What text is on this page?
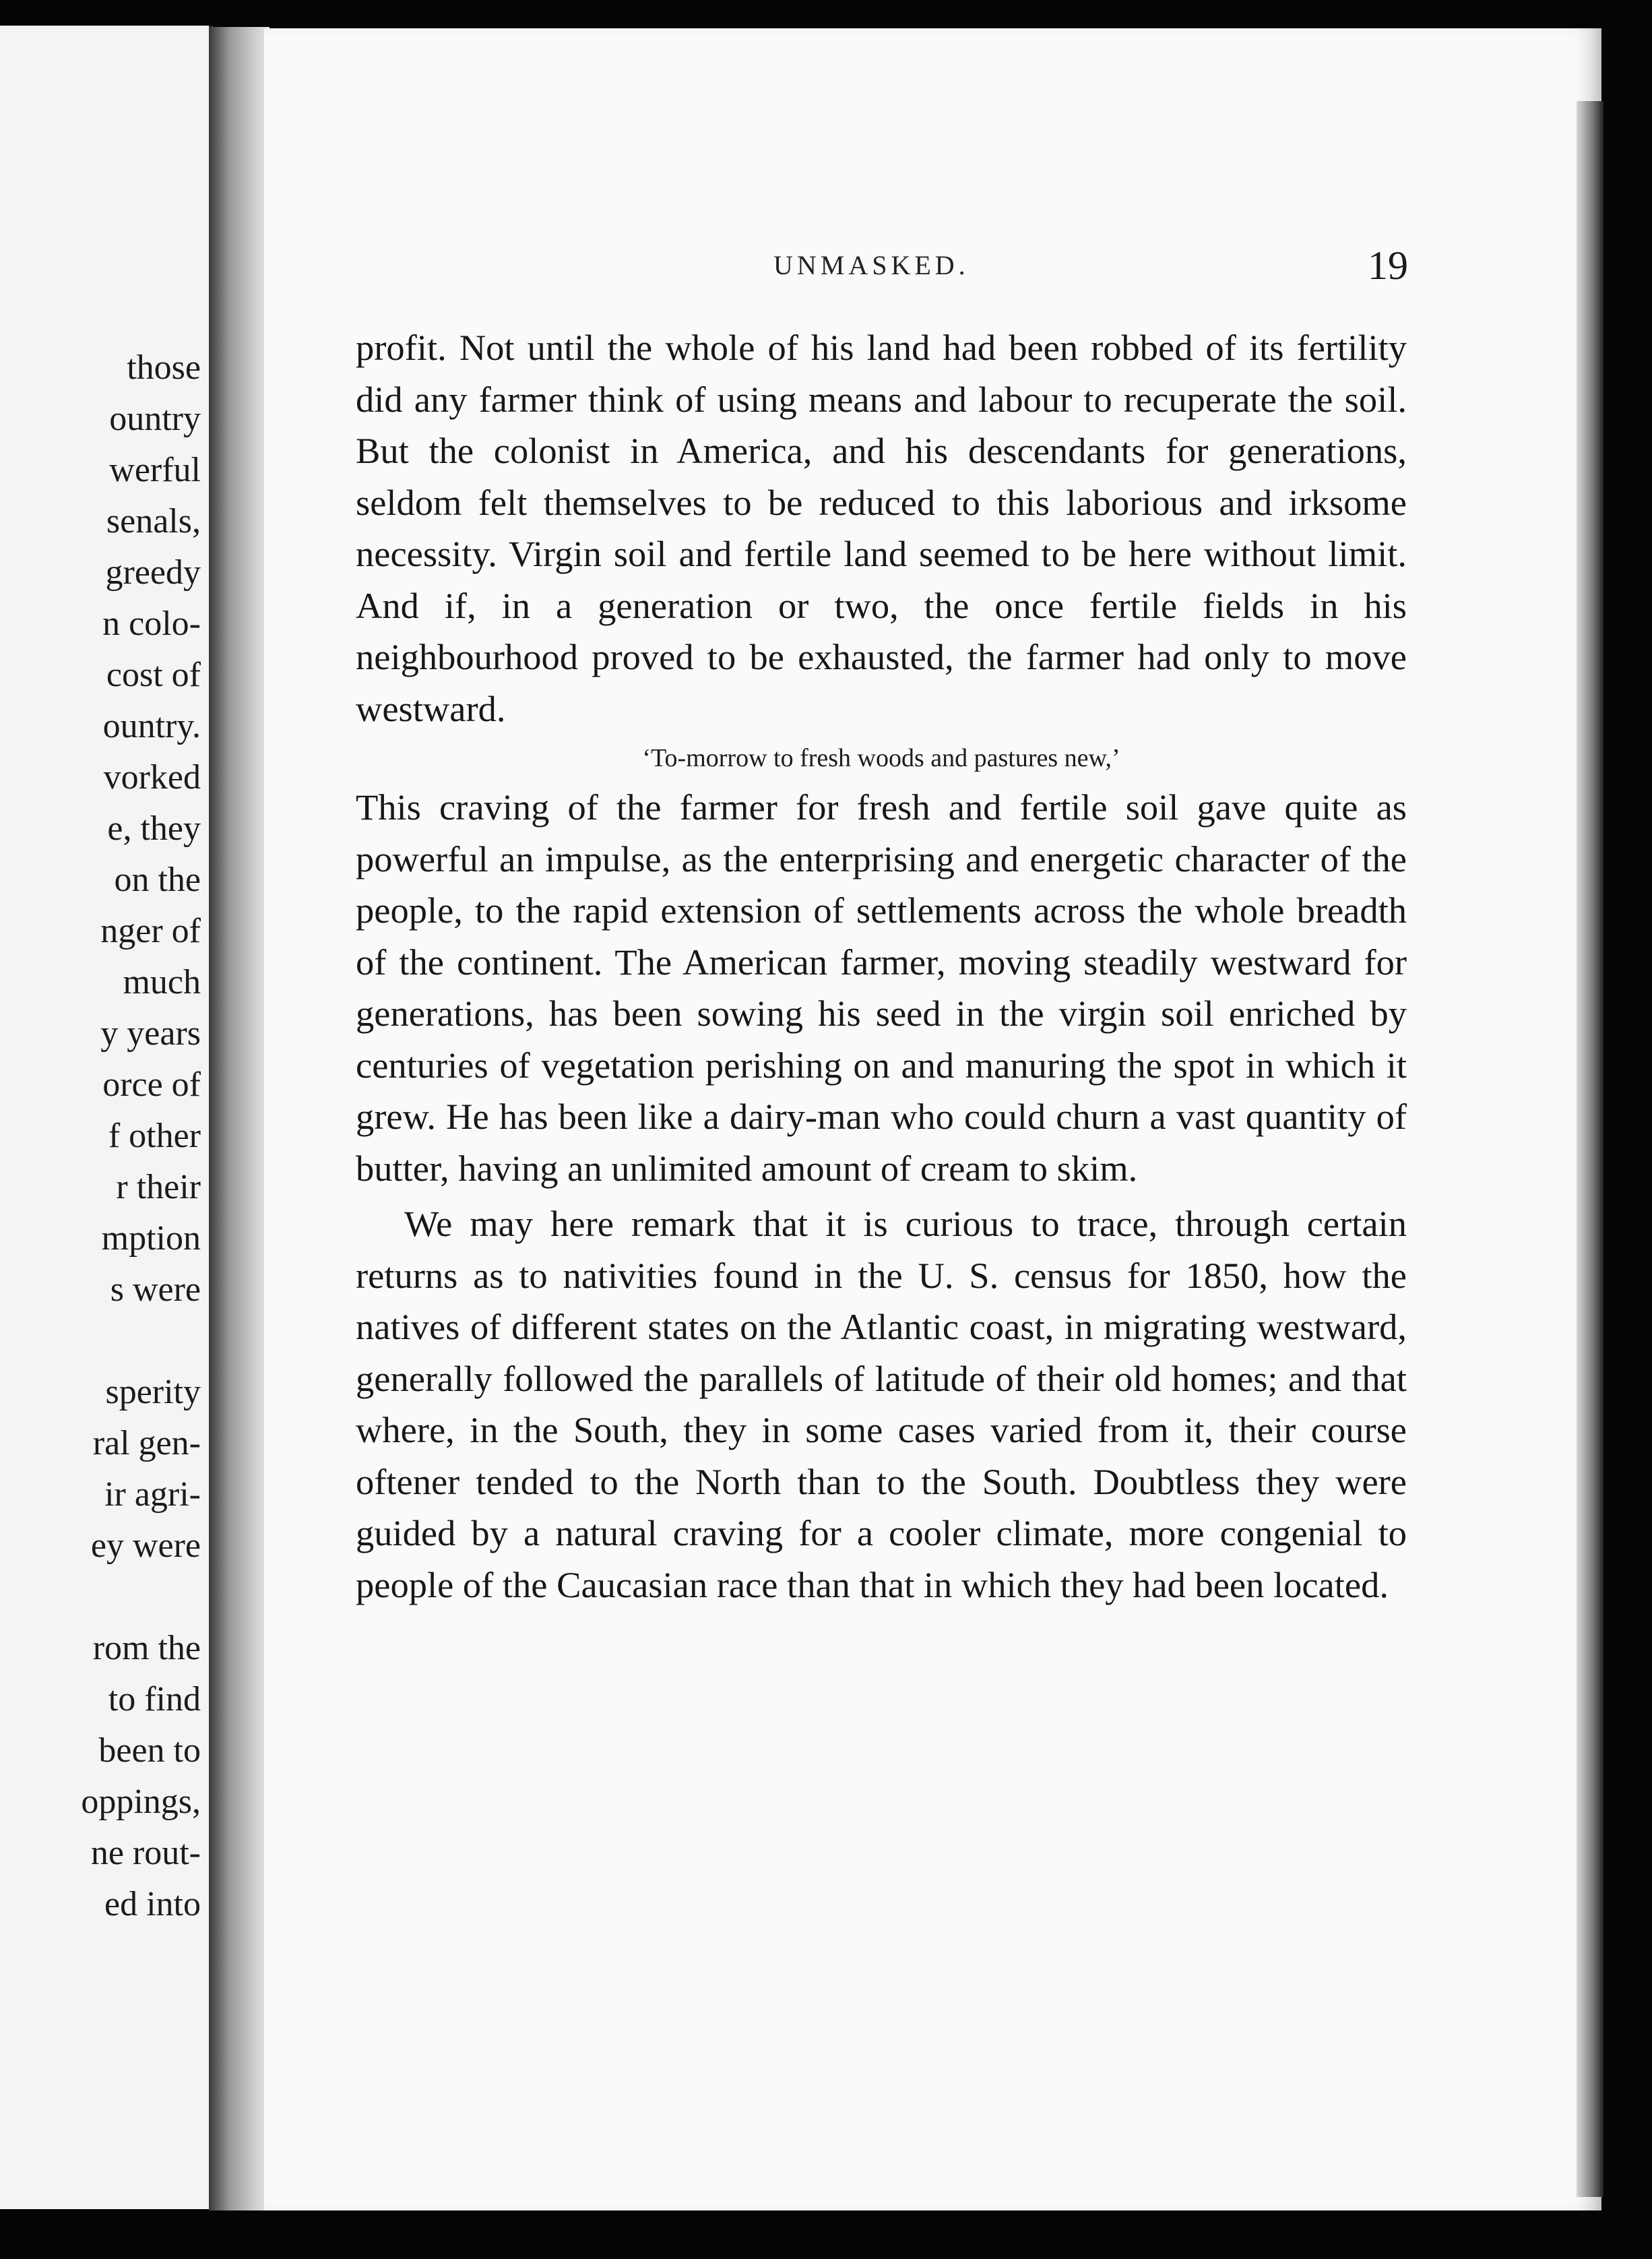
those
ountry
werful
senals,
greedy
n colo-
cost of
ountry.
vorked
e, they
on the
nger of
much
y years
orce of
f other
r their
mption
s were
sperity
ral gen-
ir agri-
ey were
rom the
to find
been to
oppings,
ne rout-
ed into
UNMASKED.	19

profit. Not until the whole of his land had been robbed of its fertility did any farmer think of using means and labour to recuperate the soil. But the colonist in America, and his descendants for generations, seldom felt themselves to be reduced to this laborious and irksome necessity. Virgin soil and fertile land seemed to be here without limit. And if, in a generation or two, the once fertile fields in his neighbourhood proved to be exhausted, the farmer had only to move westward.

‘To-morrow to fresh woods and pastures new,’

This craving of the farmer for fresh and fertile soil gave quite as powerful an impulse, as the enterprising and energetic character of the people, to the rapid extension of settlements across the whole breadth of the continent. The American farmer, moving steadily westward for generations, has been sowing his seed in the virgin soil enriched by centuries of vegetation perishing on and manuring the spot in which it grew. He has been like a dairy-man who could churn a vast quantity of butter, having an unlimited amount of cream to skim.

We may here remark that it is curious to trace, through certain returns as to nativities found in the U. S. census for 1850, how the natives of different states on the Atlantic coast, in migrating westward, generally followed the parallels of latitude of their old homes; and that where, in the South, they in some cases varied from it, their course oftener tended to the North than to the South. Doubtless they were guided by a natural craving for a cooler climate, more congenial to people of the Caucasian race than that in which they had been located.
